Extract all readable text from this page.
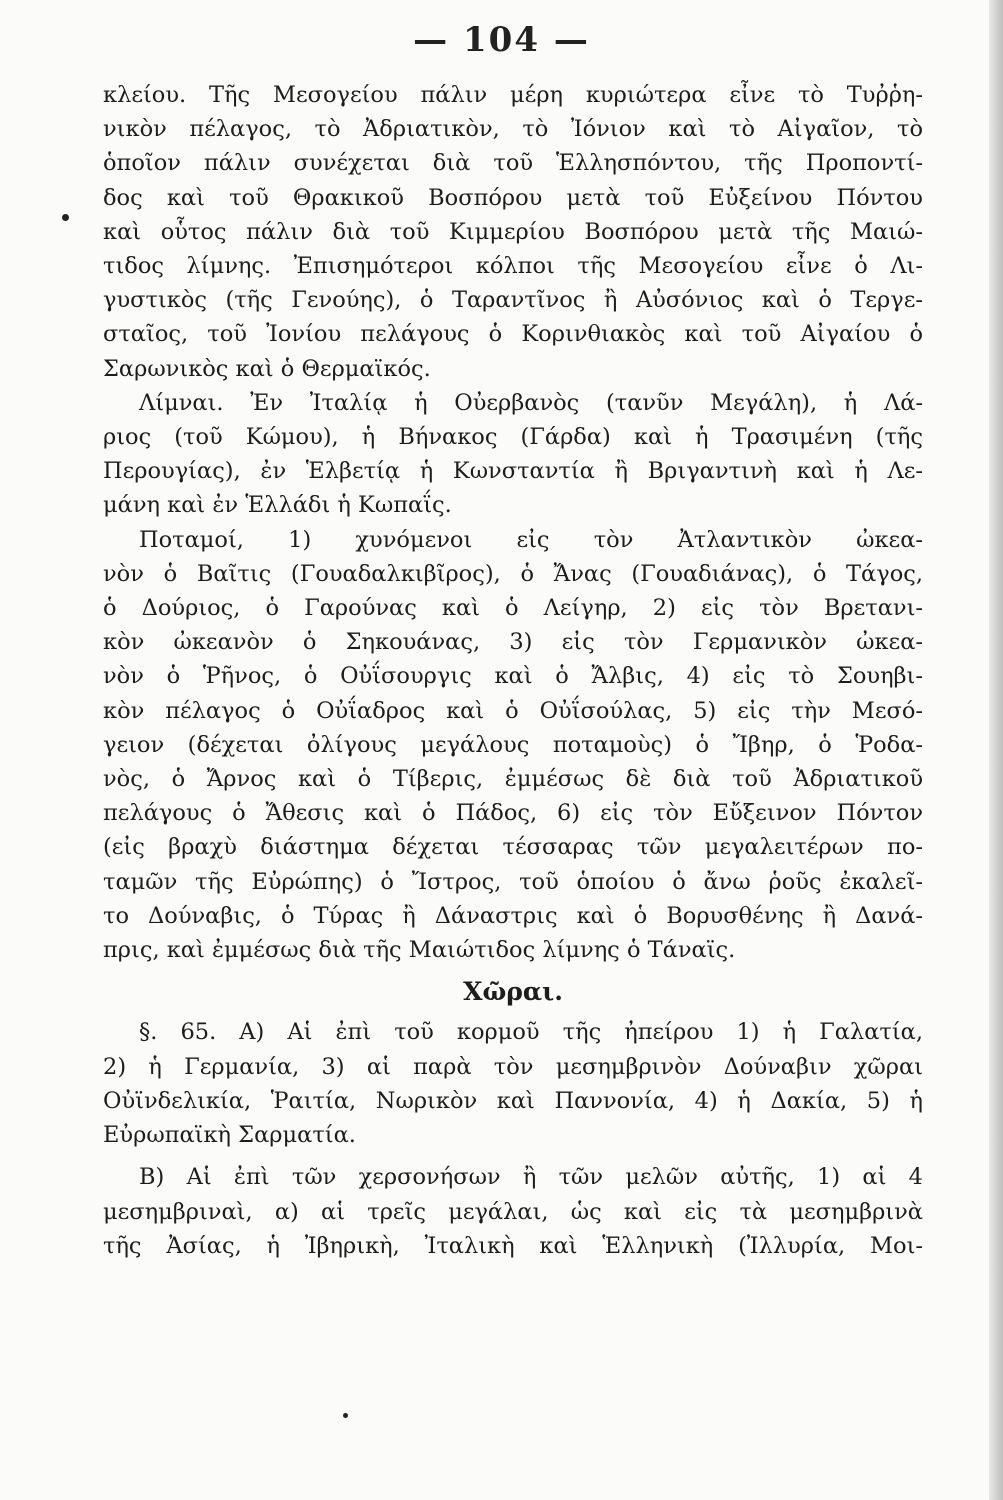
— 104 —
κλείου. Τῆς Μεσογείου πάλιν μέρη κυριώτερα εἶνε τὸ Τυῤῥη-
νικὸν πέλαγος, τὸ Ἀδριατικὸν, τὸ Ἰόνιον καὶ τὸ Αἰγαῖον, τὸ
ὁποῖον πάλιν συνέχεται διὰ τοῦ Ἑλλησπόντου, τῆς Προποντί-
δος καὶ τοῦ Θρακικοῦ Βοσπόρου μετὰ τοῦ Εὐξείνου Πόντου
καὶ οὗτος πάλιν διὰ τοῦ Κιμμερίου Βοσπόρου μετὰ τῆς Μαιώ-
τιδος λίμνης. Ἐπισημότεροι κόλποι τῆς Μεσογείου εἶνε ὁ Λι-
γυστικὸς (τῆς Γενούης), ὁ Ταραντῖνος ἢ Αὐσόνιος καὶ ὁ Τεργε-
σταῖος, τοῦ Ἰονίου πελάγους ὁ Κορινθιακὸς καὶ τοῦ Αἰγαίου ὁ
Σαρωνικὸς καὶ ὁ Θερμαϊκός.
Λίμναι. Ἐν Ἰταλίᾳ ἡ Οὐερβανὸς (τανῦν Μεγάλη), ἡ Λά-
ριος (τοῦ Κώμου), ἡ Βήνακος (Γάρδα) καὶ ἡ Τρασιμένη (τῆς
Περουγίας), ἐν Ἑλβετίᾳ ἡ Κωνσταντία ἢ Βριγαντινὴ καὶ ἡ Λε-
μάνη καὶ ἐν Ἑλλάδι ἡ Κωπαΐς.
Ποταμοί, 1) χυνόμενοι εἰς τὸν Ἀτλαντικὸν ὠκεα-
νὸν ὁ Βαῖτις (Γουαδαλκιβῖρος), ὁ Ἄνας (Γουαδιάνας), ὁ Τάγος,
ὁ Δούριος, ὁ Γαρούνας καὶ ὁ Λείγηρ, 2) εἰς τὸν Βρετανι-
κὸν ὠκεανὸν ὁ Σηκουάνας, 3) εἰς τὸν Γερμανικὸν ὠκεα-
νὸν ὁ Ῥῆνος, ὁ Οὐΐσουργις καὶ ὁ Ἄλβις, 4) εἰς τὸ Σουηβι-
κὸν πέλαγος ὁ Οὐΐαδρος καὶ ὁ Οὐΐσούλας, 5) εἰς τὴν Μεσό-
γειον (δέχεται ὀλίγους μεγάλους ποταμοὺς) ὁ Ἴβηρ, ὁ Ῥοδα-
νὸς, ὁ Ἄρνος καὶ ὁ Τίβερις, ἐμμέσως δὲ διὰ τοῦ Ἀδριατικοῦ
πελάγους ὁ Ἄθεσις καὶ ὁ Πάδος, 6) εἰς τὸν Εὔξεινον Πόντον
(εἰς βραχὺ διάστημα δέχεται τέσσαρας τῶν μεγαλειτέρων πο-
ταμῶν τῆς Εὐρώπης) ὁ Ἴστρος, τοῦ ὁποίου ὁ ἄνω ῥοῦς ἐκαλεῖ-
το Δούναβις, ὁ Τύρας ἢ Δάναστρις καὶ ὁ Βορυσθένης ἢ Δανά-
πρις, καὶ ἐμμέσως διὰ τῆς Μαιώτιδος λίμνης ὁ Τάναϊς.
Χῶραι.
§. 65. Α) Αἱ ἐπὶ τοῦ κορμοῦ τῆς ἠπείρου 1) ἡ Γαλατία,
2) ἡ Γερμανία, 3) αἱ παρὰ τὸν μεσημβρινὸν Δούναβιν χῶραι
Οὐϊνδελικία, Ῥαιτία, Νωρικὸν καὶ Παννονία, 4) ἡ Δακία, 5) ἡ
Εὐρωπαϊκὴ Σαρματία.
Β) Αἱ ἐπὶ τῶν χερσονήσων ἢ τῶν μελῶν αὐτῆς, 1) αἱ 4
μεσημβριναὶ, α) αἱ τρεῖς μεγάλαι, ὡς καὶ εἰς τὰ μεσημβρινὰ
τῆς Ἀσίας, ἡ Ἰβηρικὴ, Ἰταλικὴ καὶ Ἑλληνικὴ (Ἰλλυρία, Μοι-
